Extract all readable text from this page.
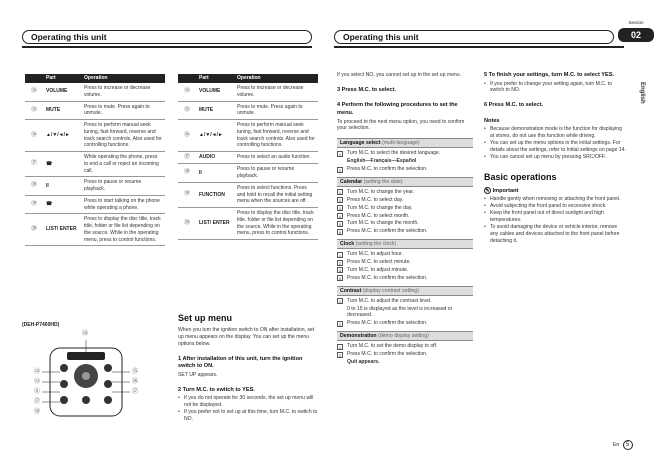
Operating this unit	Operating this unit
Section
02
English
	Part	Operation
⑭	VOLUME	Press to increase or decrease volume.
⑮	MUTE	Press to mute. Press again to unmute.
⑯	▲/▼/◄/►	Press to perform manual seek tuning, fast forward, reverse and track search controls. Also used for controlling functions.
⑰	☎	While operating the phone, press to end a call or reject an incoming call.
⑱	II	Press to pause or resume playback.
⑲	☎	Press to start talking on the phone while operating a phone.
⑳	LIST/ ENTER	Press to display the disc title, track title, folder or file list depending on the source. While in the operating menu, press to control functions.
(DEH-P7400HD)
⑭
⑫
⑬
⑪
⑰
⑮
⑯
⑰
⑱
	Part	Operation
⑭	VOLUME	Press to increase or decrease volume.
⑮	MUTE	Press to mute. Press again to unmute.
⑯	▲/▼/◄/►	Press to perform manual seek tuning, fast forward, reverse and track search controls. Also used for controlling functions.
⑰	AUDIO	Press to select an audio function.
⑱	II	Press to pause or resume playback.
⑲	FUNCTION	Press to select functions. Press and hold to recall the initial setting menu when the sources are off.
⑳	LIST/ ENTER	Press to display the disc title, track title, folder or file list depending on the source. While in the operating menu, press to control functions.
Set up menu
When you turn the ignition switch to ON after installation, set up menu appears on the display. You can set up the menu options below.
1 After installation of this unit, turn the ignition switch to ON.
SET UP appears.
2 Turn M.C. to switch to YES.
• If you do not operate for 30 seconds, the set up menu will not be displayed.
• If you prefer not to set up at this time, turn M.C. to switch to NO.
If you select NO, you cannot set up in the set up menu.
3 Press M.C. to select.
4 Perform the following procedures to set the menu.
To proceed to the next menu option, you need to confirm your selection.
Language select (multi-language)
1	Turn M.C. to select the desired language.
English—Français—Español
2	Press M.C. to confirm the selection.
Calendar (setting the date)
1	Turn M.C. to change the year.
2	Press M.C. to select day.
3	Turn M.C. to change the day.
4	Press M.C. to select month.
5	Turn M.C. to change the month.
6	Press M.C. to confirm the selection.
Clock (setting the clock)
1	Turn M.C. to adjust hour.
2	Press M.C. to select minute.
3	Turn M.C. to adjust minute.
4	Press M.C. to confirm the selection.
Contrast (display contrast setting)
1	Turn M.C. to adjust the contrast level.
0 to 15 is displayed as the level is increased or decreased.
2	Press M.C. to confirm the selection.
Demonstration (demo display setting)
1	Turn M.C. to set the demo display to off.
2	Press M.C. to confirm the selection.
Quit appears.
5 To finish your settings, turn M.C. to select YES.
• If you prefer to change your setting again, turn M.C. to switch to NO.
6 Press M.C. to select.
Notes
• Because demonstration mode is the function for displaying at stores, do not use this function while driving.
• You can set up the menu options in the initial settings. For details about the settings, refer to Initial settings on page 14.
• You can cancel set up menu by pressing SRC/OFF.
Basic operations
✎ Important
• Handle gently when removing or attaching the front panel.
• Avoid subjecting the front panel to excessive shock.
• Keep the front panel out of direct sunlight and high temperatures.
• To avoid damaging the device or vehicle interior, remove any cables and devices attached to the front panel before detaching it.
En 5
